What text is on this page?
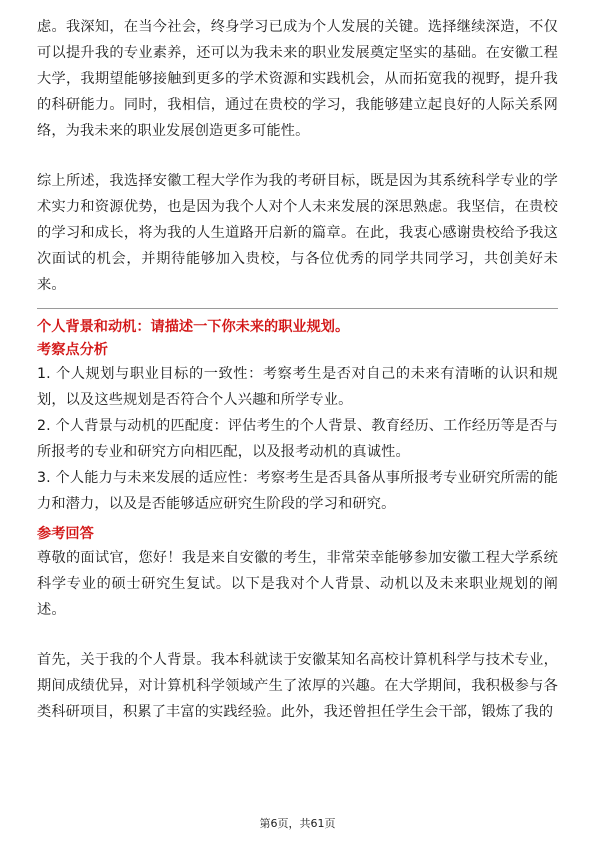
虑。我深知，在当今社会，终身学习已成为个人发展的关键。选择继续深造，不仅可以提升我的专业素养，还可以为我未来的职业发展奠定坚实的基础。在安徽工程大学，我期望能够接触到更多的学术资源和实践机会，从而拓宽我的视野，提升我的科研能力。同时，我相信，通过在贵校的学习，我能够建立起良好的人际关系网络，为我未来的职业发展创造更多可能性。

综上所述，我选择安徽工程大学作为我的考研目标，既是因为其系统科学专业的学术实力和资源优势，也是因为我个人对个人未来发展的深思熟虑。我坚信，在贵校的学习和成长，将为我的人生道路开启新的篇章。在此，我衷心感谢贵校给予我这次面试的机会，并期待能够加入贵校，与各位优秀的同学共同学习，共创美好未来。

个人背景和动机：请描述一下你未来的职业规划。

考察点分析

1. 个人规划与职业目标的一致性：考察考生是否对自己的未来有清晰的认识和规划，以及这些规划是否符合个人兴趣和所学专业。

2. 个人背景与动机的匹配度：评估考生的个人背景、教育经历、工作经历等是否与所报考的专业和研究方向相匹配，以及报考动机的真诚性。

3. 个人能力与未来发展的适应性：考察考生是否具备从事所报考专业研究所需的能力和潜力，以及是否能够适应研究生阶段的学习和研究。

参考回答

尊敬的面试官，您好！我是来自安徽的考生，非常荣幸能够参加安徽工程大学系统科学专业的硕士研究生复试。以下是我对个人背景、动机以及未来职业规划的阐述。

首先，关于我的个人背景。我本科就读于安徽某知名高校计算机科学与技术专业，期间成绩优异，对计算机科学领域产生了浓厚的兴趣。在大学期间，我积极参与各类科研项目，积累了丰富的实践经验。此外，我还曾担任学生会干部，锻炼了我的

第6页，共61页
